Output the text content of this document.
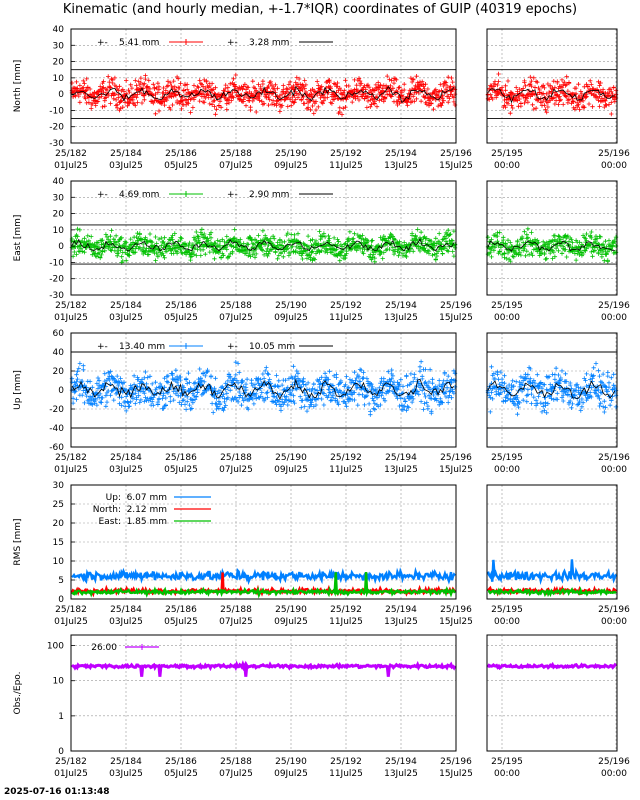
Kinematic (and hourly median, +-1.7*IQR) coordinates of GUIP (40319 epochs)
North [mm]
-30
-20
-10
0
10
20
30
40
+- 5.41 mm	+- 3.28 mm
25/182
01Jul25
25/184
03Jul25
25/186
05Jul25
25/188
07Jul25
25/190
09Jul25
25/192
11Jul25
25/194
13Jul25
25/196
15Jul25
25/195
00:00
25/196
00:00
East [mm]
-30
-20
-10
0
10
20
30
40
+- 4.69 mm	+- 2.90 mm
25/182
01Jul25
25/184
03Jul25
25/186
05Jul25
25/188
07Jul25
25/190
09Jul25
25/192
11Jul25
25/194
13Jul25
25/196
15Jul25
25/195
00:00
25/196
00:00
Up [mm]
-60
-40
-20
0
20
40
60
+- 13.40 mm	+- 10.05 mm
25/182
01Jul25
25/184
03Jul25
25/186
05Jul25
25/188
07Jul25
25/190
09Jul25
25/192
11Jul25
25/194
13Jul25
25/196
15Jul25
25/195
00:00
25/196
00:00
RMS [mm]
0
5
10
15
20
25
30
Up: 6.07 mm
North: 2.12 mm
East: 1.85 mm
25/182
01Jul25
25/184
03Jul25
25/186
05Jul25
25/188
07Jul25
25/190
09Jul25
25/192
11Jul25
25/194
13Jul25
25/196
15Jul25
25/195
00:00
25/196
00:00
Obs./Epo.
0
1
10
100	26.00
25/182
01Jul25
25/184
03Jul25
25/186
05Jul25
25/188
07Jul25
25/190
09Jul25
25/192
11Jul25
25/194
13Jul25
25/196
15Jul25
25/195
00:00
25/196
00:00
2025-07-16 01:13:48
